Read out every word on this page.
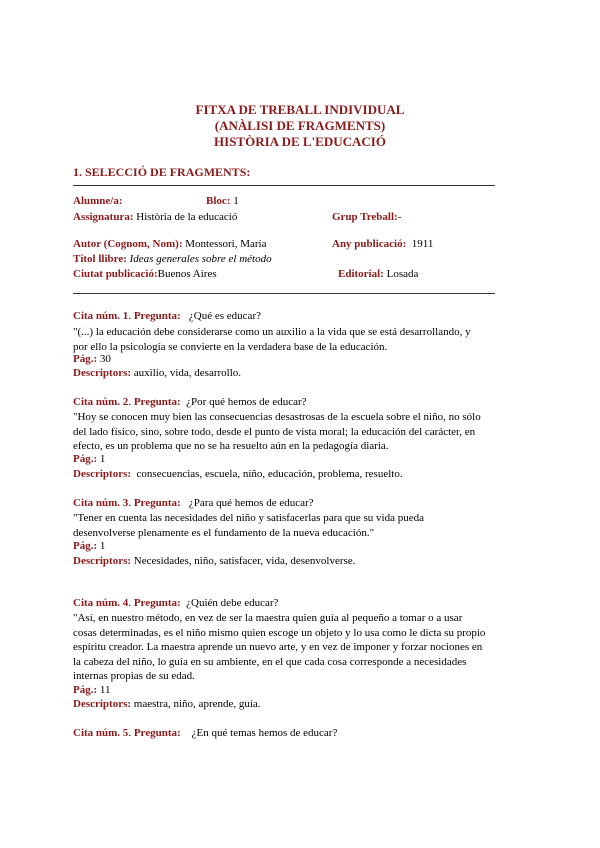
FITXA DE TREBALL INDIVIDUAL
(ANÀLISI DE FRAGMENTS)
HISTÒRIA DE L'EDUCACIÓ
1. SELECCIÓ DE FRAGMENTS:
Alumne/a:	Bloc: 1
Assignatura: Història de la educació	Grup Treball:-
Autor (Cognom, Nom): Montessori, María	Any publicació: 1911
Títol llibre: Ideas generales sobre el método
Ciutat publicació:Buenos Aires	Editorial: Losada
Cita núm. 1. Pregunta: ¿Qué es educar?
"(...) la educación debe considerarse como un auxilio a la vida que se está desarrollando, y
por ello la psicología se convierte en la verdadera base de la educación.
Pág.: 30
Descriptors: auxilio, vida, desarrollo.
Cita núm. 2. Pregunta: ¿Por qué hemos de educar?
"Hoy se conocen muy bien las consecuencias desastrosas de la escuela sobre el niño, no sólo
del lado físico, sino, sobre todo, desde el punto de vista moral; la educación del carácter, en
efecto, es un problema que no se ha resuelto aún en la pedagogía diaria.
Pág.: 1
Descriptors: consecuencias, escuela, niño, educación, problema, resuelto.
Cita núm. 3. Pregunta: ¿Para qué hemos de educar?
"Tener en cuenta las necesidades del niño y satisfacerlas para que su vida pueda
desenvolverse plenamente es el fundamento de la nueva educación."
Pág.: 1
Descriptors: Necesidades, niño, satisfacer, vida, desenvolverse.
Cita núm. 4. Pregunta: ¿Quién debe educar?
"Así, en nuestro método, en vez de ser la maestra quien guía al pequeño a tomar o a usar
cosas determinadas, es el niño mismo quien escoge un objeto y lo usa como le dicta su propio
espíritu creador. La maestra aprende un nuevo arte, y en vez de imponer y forzar nociones en
la cabeza del niño, lo guía en su ambiente, en el que cada cosa corresponde a necesidades
internas propias de su edad.
Pág.: 11
Descriptors: maestra, niño, aprende, guía.
Cita núm. 5. Pregunta: ¿En qué temas hemos de educar?
